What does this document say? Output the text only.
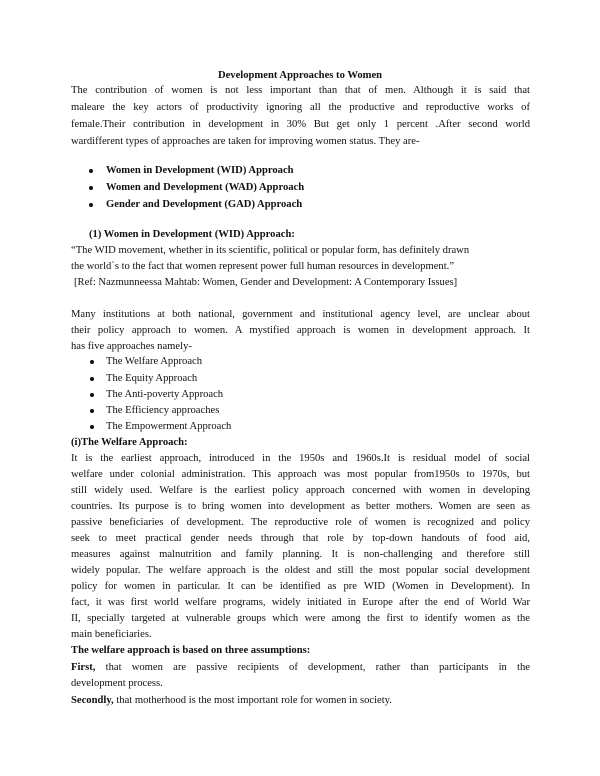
Development Approaches to Women
The contribution of women is not less important than that of men. Although it is said that
maleare the key actors of productivity ignoring all the productive and reproductive works of
female.Their contribution in development in 30% But get only 1 percent .After second world
wardifferent types of approaches are taken for improving women status. They are-
Women in Development (WID) Approach
Women and Development (WAD) Approach
Gender and Development (GAD) Approach
(1) Women in Development (WID) Approach:
“The WID movement, whether in its scientific, political or popular form, has definitely drawn
the world`s to the fact that women represent power full human resources in development.”
[Ref: Nazmunneessa Mahtab: Women, Gender and Development: A Contemporary Issues]
Many institutions at both national, government and institutional agency level, are unclear about
their policy approach to women. A mystified approach is women in development approach. It
has five approaches namely-
The Welfare Approach
The Equity Approach
The Anti-poverty Approach
The Efficiency approaches
The Empowerment Approach
(i)The Welfare Approach:
It is the earliest approach, introduced in the 1950s and 1960s.It is residual model of social
welfare under colonial administration. This approach was most popular from1950s to 1970s, but
still widely used. Welfare is the earliest policy approach concerned with women in developing
countries. Its purpose is to bring women into development as better mothers. Women are seen as
passive beneficiaries of development. The reproductive role of women is recognized and policy
seek to meet practical gender needs through that role by top-down handouts of food aid,
measures against malnutrition and family planning. It is non-challenging and therefore still
widely popular. The welfare approach is the oldest and still the most popular social development
policy for women in particular. It can be identified as pre WID (Women in Development). In
fact, it was first world welfare programs, widely initiated in Europe after the end of World War
II, specially targeted at vulnerable groups which were among the first to identify women as the
main beneficiaries.
The welfare approach is based on three assumptions:
First, that women are passive recipients of development, rather than participants in the
development process.
Secondly, that motherhood is the most important role for women in society.
